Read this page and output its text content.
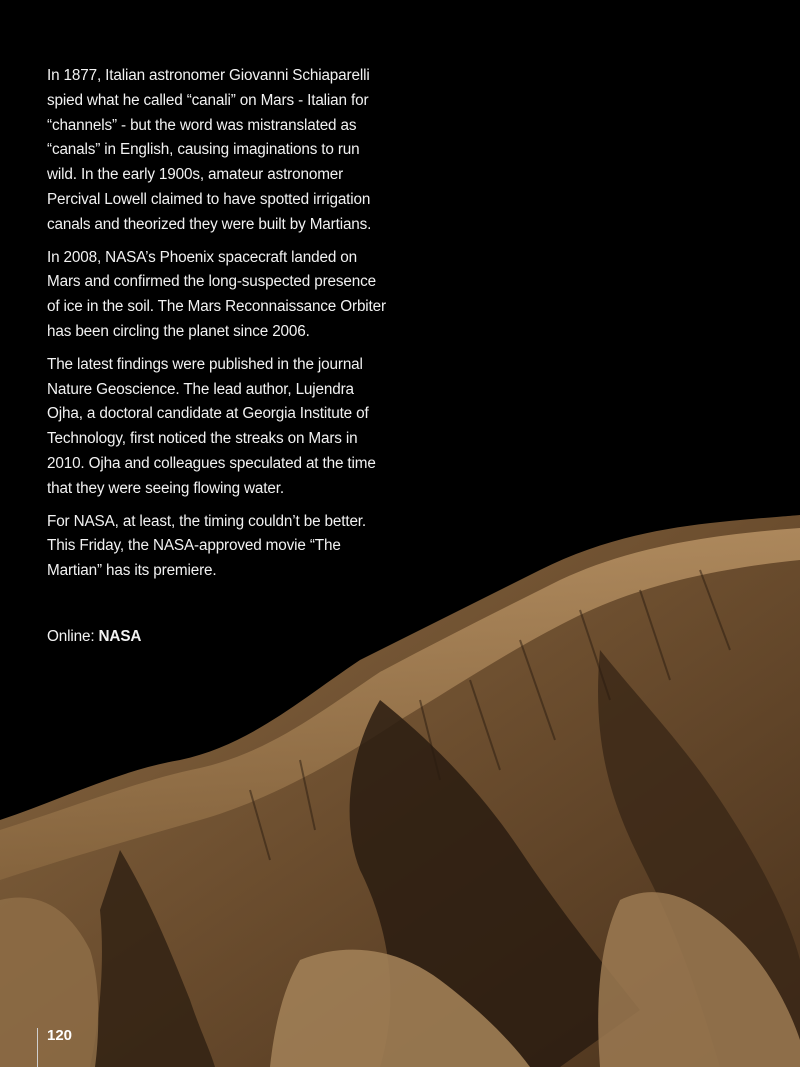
In 1877, Italian astronomer Giovanni Schiaparelli spied what he called “canali” on Mars - Italian for “channels” - but the word was mistranslated as “canals” in English, causing imaginations to run wild. In the early 1900s, amateur astronomer Percival Lowell claimed to have spotted irrigation canals and theorized they were built by Martians.

In 2008, NASA’s Phoenix spacecraft landed on Mars and confirmed the long-suspected presence of ice in the soil. The Mars Reconnaissance Orbiter has been circling the planet since 2006.

The latest findings were published in the journal Nature Geoscience. The lead author, Lujendra Ojha, a doctoral candidate at Georgia Institute of Technology, first noticed the streaks on Mars in 2010. Ojha and colleagues speculated at the time that they were seeing flowing water.

For NASA, at least, the timing couldn’t be better. This Friday, the NASA-approved movie “The Martian” has its premiere.

Online: NASA

120
